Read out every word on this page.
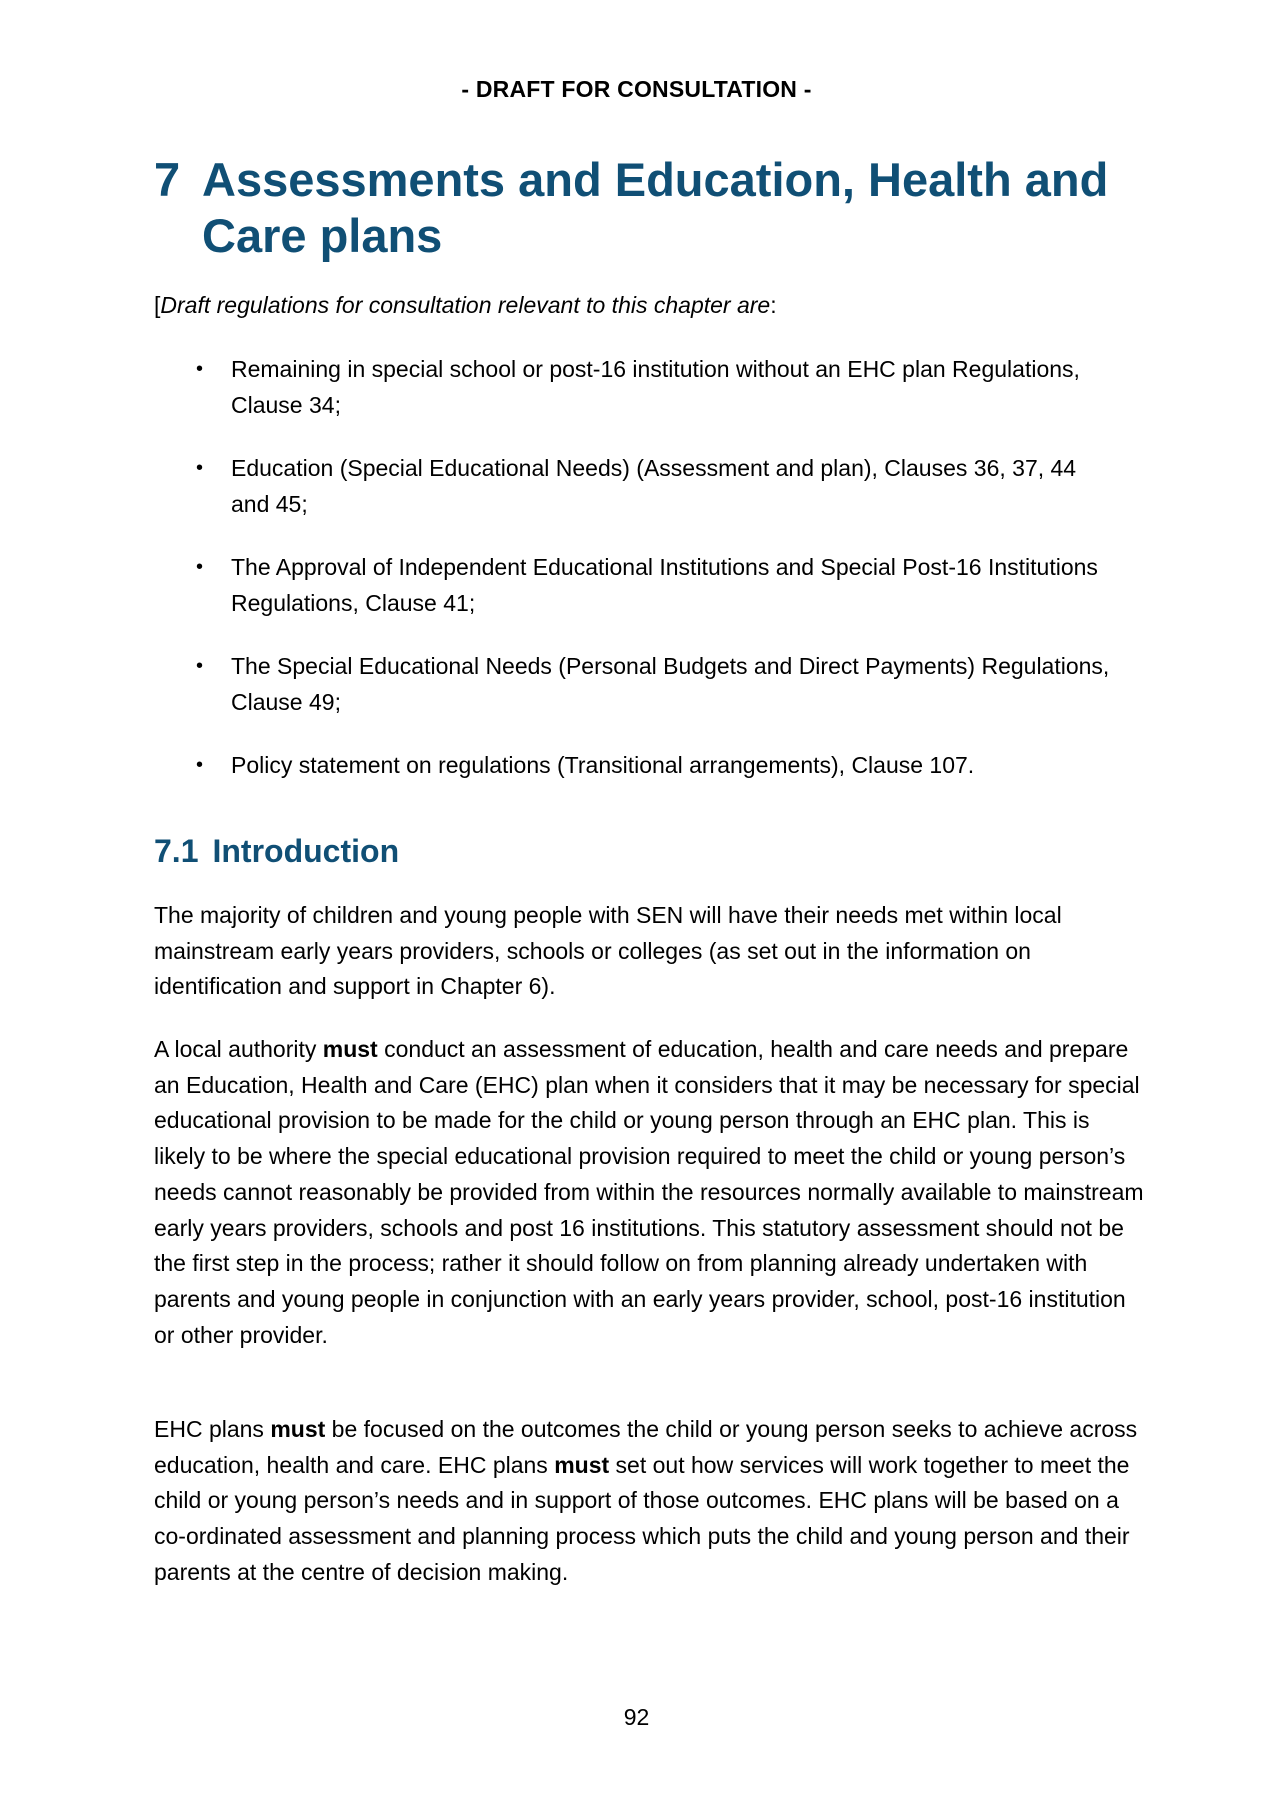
- DRAFT FOR CONSULTATION -
7 Assessments and Education, Health and Care plans
[Draft regulations for consultation relevant to this chapter are:
• Remaining in special school or post-16 institution without an EHC plan Regulations, Clause 34;
• Education (Special Educational Needs) (Assessment and plan), Clauses 36, 37, 44 and 45;
• The Approval of Independent Educational Institutions and Special Post-16 Institutions Regulations, Clause 41;
• The Special Educational Needs (Personal Budgets and Direct Payments) Regulations, Clause 49;
• Policy statement on regulations (Transitional arrangements), Clause 107.
7.1 Introduction

The majority of children and young people with SEN will have their needs met within local mainstream early years providers, schools or colleges (as set out in the information on identification and support in Chapter 6).

A local authority must conduct an assessment of education, health and care needs and prepare an Education, Health and Care (EHC) plan when it considers that it may be necessary for special educational provision to be made for the child or young person through an EHC plan. This is likely to be where the special educational provision required to meet the child or young person’s needs cannot reasonably be provided from within the resources normally available to mainstream early years providers, schools and post 16 institutions. This statutory assessment should not be the first step in the process; rather it should follow on from planning already undertaken with parents and young people in conjunction with an early years provider, school, post-16 institution or other provider.

EHC plans must be focused on the outcomes the child or young person seeks to achieve across education, health and care. EHC plans must set out how services will work together to meet the child or young person’s needs and in support of those outcomes. EHC plans will be based on a co-ordinated assessment and planning process which puts the child and young person and their parents at the centre of decision making.

92
